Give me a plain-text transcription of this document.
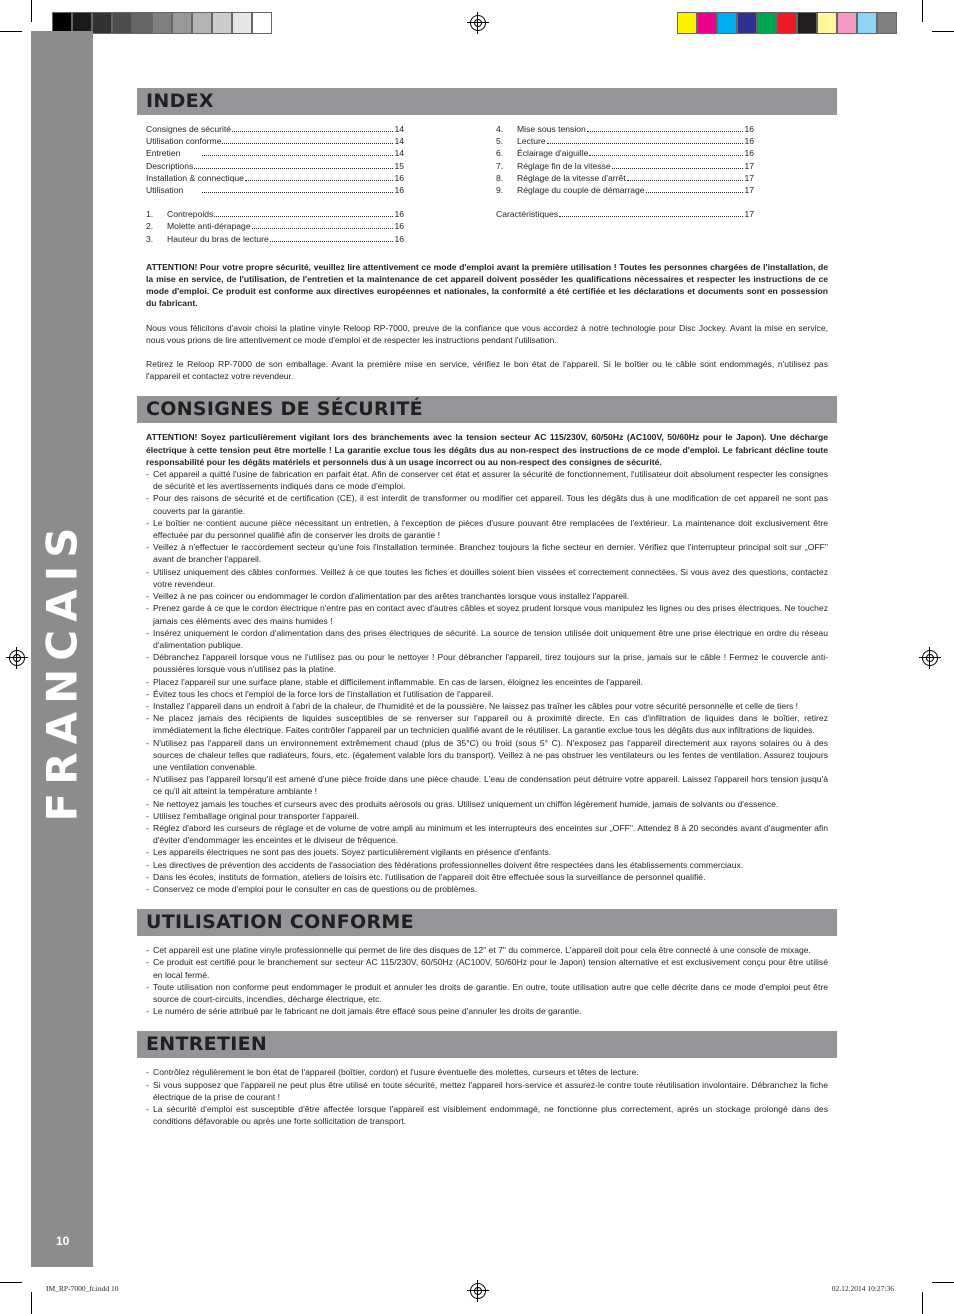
FRANCAIS
10
INDEX
Consignes de sécurité	14
Utilisation conforme	14
Entretien	14
Descriptions	15
Installation & connectique	16
Utilisation	16
1.	Contrepoids	16
2.	Molette anti-dérapage	16
3.	Hauteur du bras de lecture	16
4.	Mise sous tension	16
5.	Lecture	16
6.	Éclairage d'aiguille	16
7.	Réglage fin de la vitesse	17
8.	Réglage de la vitesse d'arrêt	17
9.	Réglage du couple de démarrage	17
Caractéristiques	17

ATTENTION! Pour votre propre sécurité, veuillez lire attentivement ce mode d'emploi avant la première utilisation ! Toutes les personnes chargées de l'installation, de la mise en service, de l'utilisation, de l'entretien et la maintenance de cet appareil doivent posséder les qualifications nécessaires et respecter les instructions de ce mode d'emploi. Ce produit est conforme aux directives européennes et nationales, la conformité a été certifiée et les déclarations et documents sont en possession du fabricant.

Nous vous félicitons d'avoir choisi la platine vinyle Reloop RP-7000, preuve de la confiance que vous accordez à notre technologie pour Disc Jockey. Avant la mise en service, nous vous prions de lire attentivement ce mode d'emploi et de respecter les instructions pendant l'utilisation.

Retirez le Reloop RP-7000 de son emballage. Avant la première mise en service, vérifiez le bon état de l'appareil. Si le boîtier ou le câble sont endommagés, n'utilisez pas l'appareil et contactez votre revendeur.

CONSIGNES DE SÉCURITÉ

ATTENTION! Soyez particulièrement vigilant lors des branchements avec la tension secteur AC 115/230V, 60/50Hz (AC100V, 50/60Hz pour le Japon). Une décharge électrique à cette tension peut être mortelle ! La garantie exclue tous les dégâts dus au non-respect des instructions de ce mode d'emploi. Le fabricant décline toute responsabilité pour les dégâts matériels et personnels dus à un usage incorrect ou au non-respect des consignes de sécurité.

- Cet appareil a quitté l'usine de fabrication en parfait état. Afin de conserver cet état et assurer la sécurité de fonctionnement, l'utilisateur doit absolument respecter les consignes de sécurité et les avertissements indiqués dans ce mode d'emploi.
- Pour des raisons de sécurité et de certification (CE), il est interdit de transformer ou modifier cet appareil. Tous les dégâts dus à une modification de cet appareil ne sont pas couverts par la garantie.
- Le boîtier ne contient aucune pièce nécessitant un entretien, à l'exception de pièces d'usure pouvant être remplacées de l'extérieur. La maintenance doit exclusivement être effectuée par du personnel qualifié afin de conserver les droits de garantie !
- Veillez à n'effectuer le raccordement secteur qu'une fois l'installation terminée. Branchez toujours la fiche secteur en dernier. Vérifiez que l'interrupteur principal soit sur „OFF" avant de brancher l'appareil.
- Utilisez uniquement des câbles conformes. Veillez à ce que toutes les fiches et douilles soient bien vissées et correctement connectées. Si vous avez des questions, contactez votre revendeur.
- Veillez à ne pas coincer ou endommager le cordon d'alimentation par des arêtes tranchantes lorsque vous installez l'appareil.
- Prenez garde à ce que le cordon électrique n'entre pas en contact avec d'autres câbles et soyez prudent lorsque vous manipulez les lignes ou des prises électriques. Ne touchez jamais ces éléments avec des mains humides !
- Insérez uniquement le cordon d'alimentation dans des prises électriques de sécurité. La source de tension utilisée doit uniquement être une prise électrique en ordre du réseau d'alimentation publique.
- Débranchez l'appareil lorsque vous ne l'utilisez pas ou pour le nettoyer ! Pour débrancher l'appareil, tirez toujours sur la prise, jamais sur le câble ! Fermez le couvercle anti-poussières lorsque vous n'utilisez pas la platine.
- Placez l'appareil sur une surface plane, stable et difficilement inflammable. En cas de larsen, éloignez les enceintes de l'appareil.
- Évitez tous les chocs et l'emploi de la force lors de l'installation et l'utilisation de l'appareil.
- Installez l'appareil dans un endroit à l'abri de la chaleur, de l'humidité et de la poussière. Ne laissez pas traîner les câbles pour votre sécurité personnelle et celle de tiers !
- Ne placez jamais des récipients de liquides susceptibles de se renverser sur l'appareil ou à proximité directe. En cas d'infiltration de liquides dans le boîtier, retirez immédiatement la fiche électrique. Faites contrôler l'appareil par un technicien qualifié avant de le réutiliser. La garantie exclue tous les dégâts dus aux infiltrations de liquides.
- N'utilisez pas l'appareil dans un environnement extrêmement chaud (plus de 35°C) ou froid (sous 5° C). N'exposez pas l'appareil directement aux rayons solaires ou à des sources de chaleur telles que radiateurs, fours, etc. (également valable lors du transport). Veillez à ne pas obstruer les ventilateurs ou les fentes de ventilation. Assurez toujours une ventilation convenable.
- N'utilisez pas l'appareil lorsqu'il est amené d'une pièce froide dans une pièce chaude. L'eau de condensation peut détruire votre appareil. Laissez l'appareil hors tension jusqu'à ce qu'il ait atteint la température ambiante !
- Ne nettoyez jamais les touches et curseurs avec des produits aérosols ou gras. Utilisez uniquement un chiffon légèrement humide, jamais de solvants ou d'essence.
- Utilisez l'emballage original pour transporter l'appareil.
- Réglez d'abord les curseurs de réglage et de volume de votre ampli au minimum et les interrupteurs des enceintes sur „OFF". Attendez 8 à 20 secondes avant d'augmenter afin d'éviter d'endommager les enceintes et le diviseur de fréquence.
- Les appareils électriques ne sont pas des jouets. Soyez particulièrement vigilants en présence d'enfants.
- Les directives de prévention des accidents de l'association des fédérations professionnelles doivent être respectées dans les établissements commerciaux.
- Dans les écoles, instituts de formation, ateliers de loisirs etc. l'utilisation de l'appareil doit être effectuée sous la surveillance de personnel qualifié.
- Conservez ce mode d'emploi pour le consulter en cas de questions ou de problèmes.
UTILISATION CONFORME
- Cet appareil est une platine vinyle professionnelle qui permet de lire des disques de 12" et 7" du commerce. L'appareil doit pour cela être connecté à une console de mixage.
- Ce produit est certifié pour le branchement sur secteur AC 115/230V, 60/50Hz (AC100V, 50/60Hz pour le Japon) tension alternative et est exclusivement conçu pour être utilisé en local fermé.
- Toute utilisation non conforme peut endommager le produit et annuler les droits de garantie. En outre, toute utilisation autre que celle décrite dans ce mode d'emploi peut être source de court-circuits, incendies, décharge électrique, etc.
- Le numéro de série attribué par le fabricant ne doit jamais être effacé sous peine d'annuler les droits de garantie.
ENTRETIEN
- Contrôlez régulièrement le bon état de l'appareil (boîtier, cordon) et l'usure éventuelle des molettes, curseurs et têtes de lecture.
- Si vous supposez que l'appareil ne peut plus être utilisé en toute sécurité, mettez l'appareil hors-service et assurez-le contre toute réutilisation involontaire. Débranchez la fiche électrique de la prise de courant !
- La sécurité d'emploi est susceptible d'être affectée lorsque l'appareil est visiblement endommagé, ne fonctionne plus correctement, après un stockage prolongé dans des conditions défavorable ou après une forte sollicitation de transport.
IM_RP-7000_fr.indd 10	02.12.2014 10:27:36
